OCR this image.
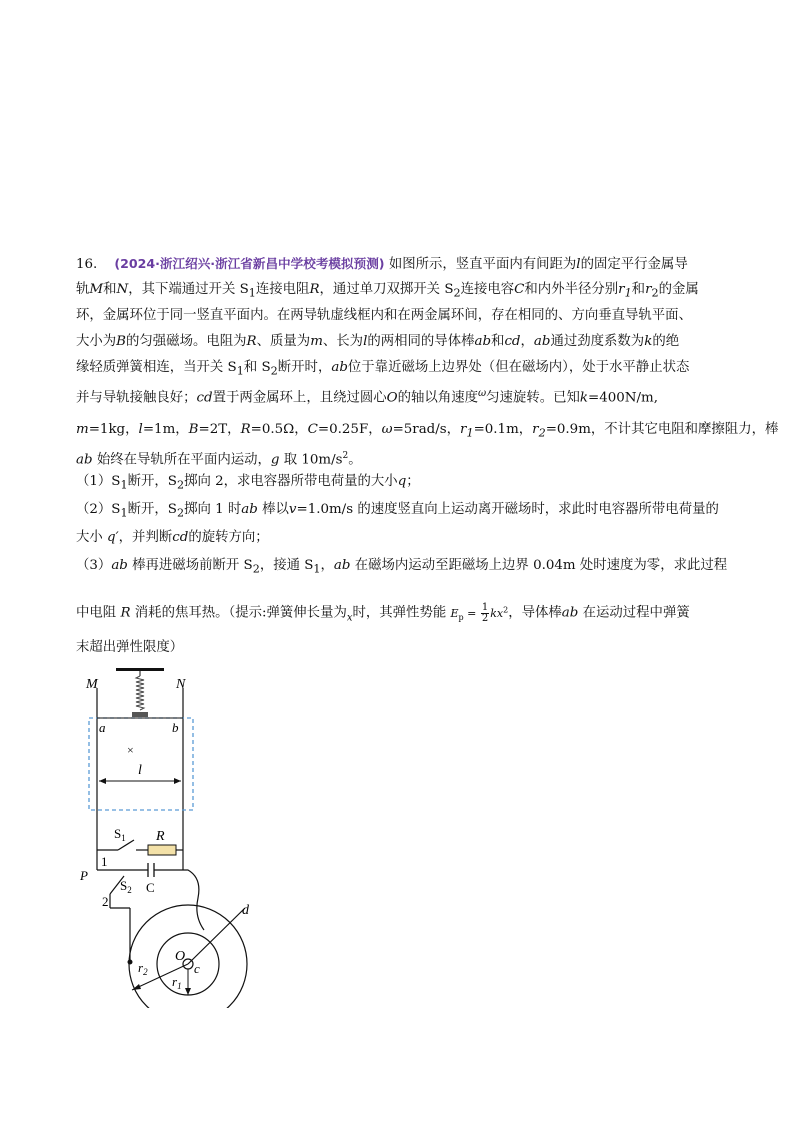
16. (2024·浙江绍兴·浙江省新昌中学校考模拟预测) 如图所示，竖直平面内有间距为l的固定平行金属导
轨M和N，其下端通过开关 $S_1$连接电阻R，通过单刀双掷开关 $S_2$连接电容C和内外半径分别$r_1$和$r_2$的金属
环，金属环位于同一竖直平面内。在两导轨虚线框内和在两金属环间，存在相同的、方向垂直导轨平面、
大小为B的匀强磁场。电阻为R、质量为m、长为l的两相同的导体棒ab和cd，ab通过劲度系数为k的绝
缘轻质弹簧相连，当开关 $S_1$和 $S_2$断开时，ab位于靠近磁场上边界处（但在磁场内），处于水平静止状态
并与导轨接触良好；cd置于两金属环上，且绕过圆心O的轴以角速度$^\omega$匀速旋转。已知k=400N/m,
m=1kg，l=1m，B=2T，R=0.5Ω，C=0.25F，ω=5rad/s，$r_1=0.1m$，$r_2=0.9m$，不计其它电阻和摩擦阻力，棒
ab 始终在导轨所在平面内运动，g 取 $10m/s^2$。
$(1)S_1$断开，$S_2$掷向 2，求电容器所带电荷量的大小q；
$(2)S_1$断开，$S_2$掷向 1 时ab 棒以v=1.0m/s 的速度竖直向上运动离开磁场时，求此时电容器所带电荷量的
大小 q′，并判断cd的旋转方向；
（3）ab 棒再进磁场前断开 $S_2$，接通 $S_1$，ab 在磁场内运动至距磁场上边界 0.04m 处时速度为零，求此过程
中电阻 R 消耗的焦耳热。（提示:弹簧伸长量为$_x$时，其弹性势能 $E_p = \frac{1}{2} kx^2$，导体棒ab 在运动过程中弹簧
末超出弹性限度）
M	N
a	b
×
l
$S_1$ R
1
P
C
$S_2$
2
d
O
c
$r_2$
$r_1$
